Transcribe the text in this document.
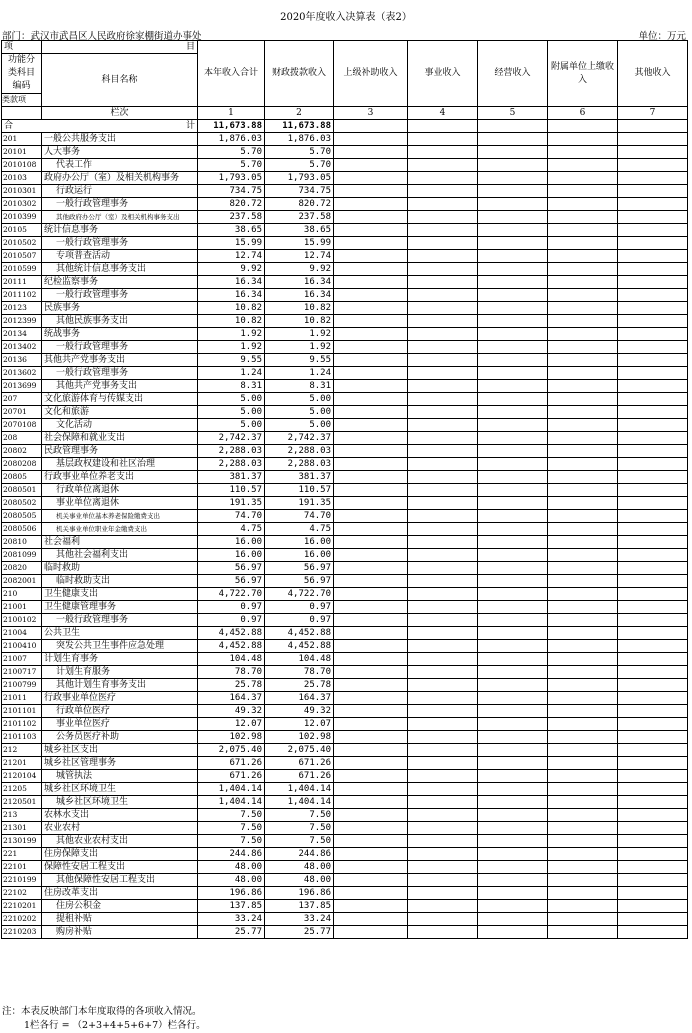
2020年度收入决算表（表2）
部门：武汉市武昌区人民政府徐家棚街道办事处	单位：万元
项	目	本年收入合计	财政拨款收入	上级补助收入	事业收入	经营收入	附属单位上缴收入	其他收入
功能分类科目编码	科目名称							
类款项								
	栏次	1	2	3	4	5	6	7
合 计		11,673.88	11,673.88					
201	一般公共服务支出	1,876.03	1,876.03					
20101	人大事务	5.70	5.70					
2010108	代表工作	5.70	5.70					
20103	政府办公厅（室）及相关机构事务	1,793.05	1,793.05					
2010301	行政运行	734.75	734.75					
2010302	一般行政管理事务	820.72	820.72					
2010399	其他政府办公厅（室）及相关机构事务支出	237.58	237.58					
20105	统计信息事务	38.65	38.65					
2010502	一般行政管理事务	15.99	15.99					
2010507	专项普查活动	12.74	12.74					
2010599	其他统计信息事务支出	9.92	9.92					
20111	纪检监察事务	16.34	16.34					
2011102	一般行政管理事务	16.34	16.34					
20123	民族事务	10.82	10.82					
2012399	其他民族事务支出	10.82	10.82					
20134	统战事务	1.92	1.92					
2013402	一般行政管理事务	1.92	1.92					
20136	其他共产党事务支出	9.55	9.55					
2013602	一般行政管理事务	1.24	1.24					
2013699	其他共产党事务支出	8.31	8.31					
207	文化旅游体育与传媒支出	5.00	5.00					
20701	文化和旅游	5.00	5.00					
2070108	文化活动	5.00	5.00					
208	社会保障和就业支出	2,742.37	2,742.37					
20802	民政管理事务	2,288.03	2,288.03					
2080208	基层政权建设和社区治理	2,288.03	2,288.03					
20805	行政事业单位养老支出	381.37	381.37					
2080501	行政单位离退休	110.57	110.57					
2080502	事业单位离退休	191.35	191.35					
2080505	机关事业单位基本养老保险缴费支出	74.70	74.70					
2080506	机关事业单位职业年金缴费支出	4.75	4.75					
20810	社会福利	16.00	16.00					
2081099	其他社会福利支出	16.00	16.00					
20820	临时救助	56.97	56.97					
2082001	临时救助支出	56.97	56.97					
210	卫生健康支出	4,722.70	4,722.70					
21001	卫生健康管理事务	0.97	0.97					
2100102	一般行政管理事务	0.97	0.97					
21004	公共卫生	4,452.88	4,452.88					
2100410	突发公共卫生事件应急处理	4,452.88	4,452.88					
21007	计划生育事务	104.48	104.48					
2100717	计划生育服务	78.70	78.70					
2100799	其他计划生育事务支出	25.78	25.78					
21011	行政事业单位医疗	164.37	164.37					
2101101	行政单位医疗	49.32	49.32					
2101102	事业单位医疗	12.07	12.07					
2101103	公务员医疗补助	102.98	102.98					
212	城乡社区支出	2,075.40	2,075.40					
21201	城乡社区管理事务	671.26	671.26					
2120104	城管执法	671.26	671.26					
21205	城乡社区环境卫生	1,404.14	1,404.14					
2120501	城乡社区环境卫生	1,404.14	1,404.14					
213	农林水支出	7.50	7.50					
21301	农业农村	7.50	7.50					
2130199	其他农业农村支出	7.50	7.50					
221	住房保障支出	244.86	244.86					
22101	保障性安居工程支出	48.00	48.00					
2210199	其他保障性安居工程支出	48.00	48.00					
22102	住房改革支出	196.86	196.86					
2210201	住房公积金	137.85	137.85					
2210202	提租补贴	33.24	33.24					
2210203	购房补贴	25.77	25.77					
注：本表反映部门本年度取得的各项收入情况。
1栏各行 = （2+3+4+5+6+7）栏各行。
